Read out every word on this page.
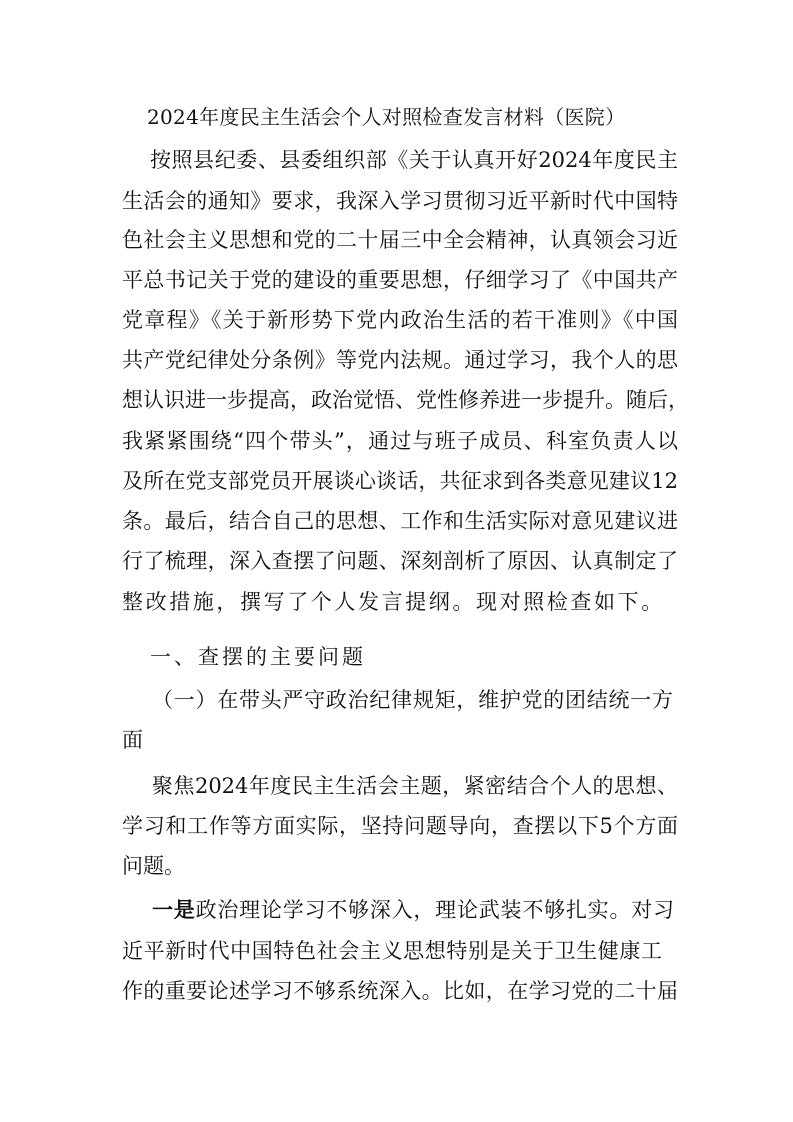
2024年度民主生活会个人对照检查发言材料（医院）
按照县纪委、县委组织部《关于认真开好2024年度民主
生活会的通知》要求，我深入学习贯彻习近平新时代中国特
色社会主义思想和党的二十届三中全会精神，认真领会习近
平总书记关于党的建设的重要思想，仔细学习了《中国共产
党章程》《关于新形势下党内政治生活的若干准则》《中国
共产党纪律处分条例》等党内法规。通过学习，我个人的思
想认识进一步提高，政治觉悟、党性修养进一步提升。随后，
我紧紧围绕“四个带头”，通过与班子成员、科室负责人以
及所在党支部党员开展谈心谈话，共征求到各类意见建议12
条。最后，结合自己的思想、工作和生活实际对意见建议进
行了梳理，深入查摆了问题、深刻剖析了原因、认真制定了
整改措施，撰写了个人发言提纲。现对照检查如下。
一、查摆的主要问题
（一）在带头严守政治纪律规矩，维护党的团结统一方
面
聚焦2024年度民主生活会主题，紧密结合个人的思想、
学习和工作等方面实际，坚持问题导向，查摆以下5个方面
问题。
一是政治理论学习不够深入，理论武装不够扎实。对习
近平新时代中国特色社会主义思想特别是关于卫生健康工
作的重要论述学习不够系统深入。比如，在学习党的二十届
